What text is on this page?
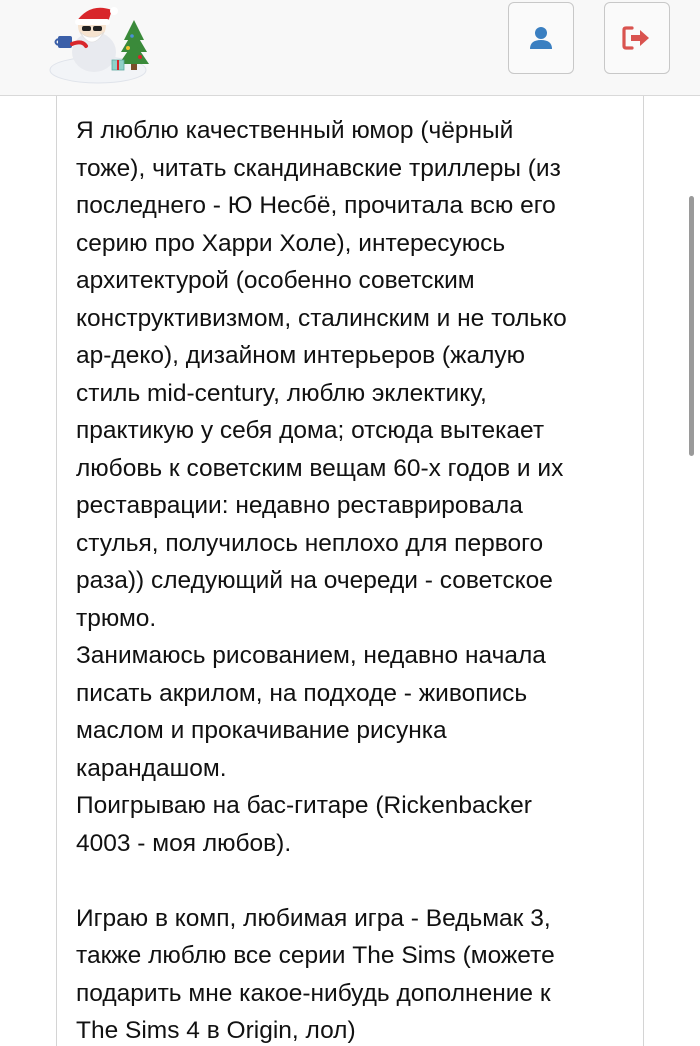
Я люблю качественный юмор (чёрный
тоже), читать скандинавские триллеры (из
последнего - Ю Несбё, прочитала всю его
серию про Харри Холе), интересуюсь
архитектурой (особенно советским
конструктивизмом, сталинским и не только
ар-деко), дизайном интерьеров (жалую
стиль mid-century, люблю эклектику,
практикую у себя дома; отсюда вытекает
любовь к советским вещам 60-х годов и их
реставрации: недавно реставрировала
стулья, получилось неплохо для первого
раза)) следующий на очереди - советское
трюмо.
Занимаюсь рисованием, недавно начала
писать акрилом, на подходе - живопись
маслом и прокачивание рисунка
карандашом.
Поигрываю на бас-гитаре (Rickenbacker
4003 - моя любов).
Играю в комп, любимая игра - Ведьмак 3,
также люблю все серии The Sims (можете
подарить мне какое-нибудь дополнение к
The Sims 4 в Origin, лол)
